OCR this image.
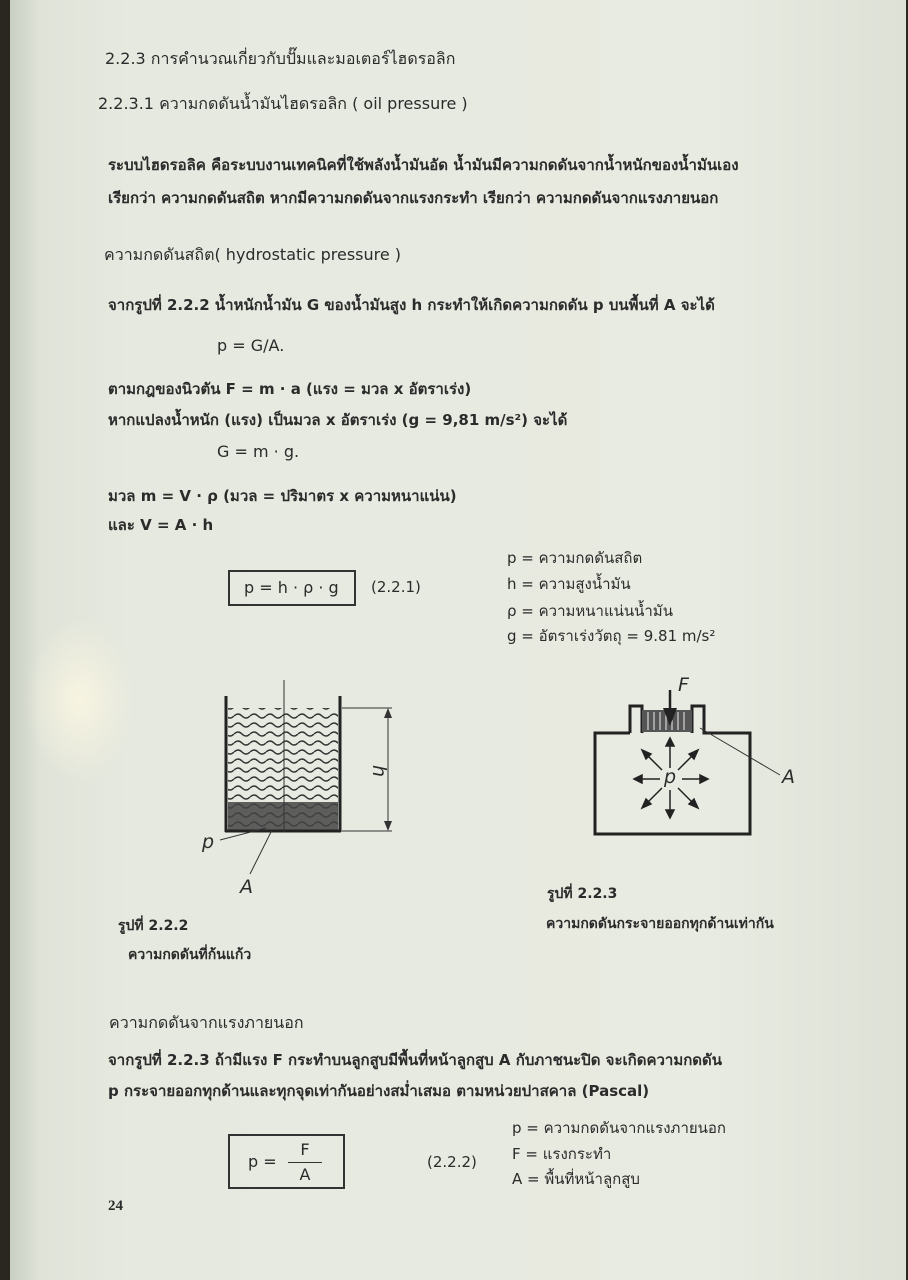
2.2.3 การคำนวณเกี่ยวกับปั๊มและมอเตอร์ไฮดรอลิก
2.2.3.1 ความกดดันน้ำมันไฮดรอลิก ( oil pressure )
ระบบไฮดรอลิค คือระบบงานเทคนิคที่ใช้พลังน้ำมันอัด น้ำมันมีความกดดันจากน้ำหนักของน้ำมันเอง
เรียกว่า ความกดดันสถิต หากมีความกดดันจากแรงกระทำ เรียกว่า ความกดดันจากแรงภายนอก
ความกดดันสถิต( hydrostatic pressure )
จากรูปที่ 2.2.2 น้ำหนักน้ำมัน G ของน้ำมันสูง h กระทำให้เกิดความกดดัน p บนพื้นที่ A จะได้
p = G/A.
ตามกฎของนิวตัน F = m · a (แรง = มวล x อัตราเร่ง)
หากแปลงน้ำหนัก (แรง) เป็นมวล x อัตราเร่ง (g = 9,81 m/s²) จะได้
G = m · g.
มวล m = V · ρ (มวล = ปริมาตร x ความหนาแน่น)
และ V = A · h
p = h · ρ · g (2.2.1)
p = ความกดดันสถิต
h = ความสูงน้ำมัน
ρ = ความหนาแน่นน้ำมัน
g = อัตราเร่งวัตถุ = 9.81 m/s²
h
p
A
รูปที่ 2.2.2
ความกดดันที่ก้นแก้ว
F
p	A
รูปที่ 2.2.3
ความกดดันกระจายออกทุกด้านเท่ากัน
ความกดดันจากแรงภายนอก
จากรูปที่ 2.2.3 ถ้ามีแรง F กระทำบนลูกสูบมีพื้นที่หน้าลูกสูบ A กับภาชนะปิด จะเกิดความกดดัน
p กระจายออกทุกด้านและทุกจุดเท่ากันอย่างสม่ำเสมอ ตามหน่วยปาสคาล (Pascal)
p =
F
A
(2.2.2)
p = ความกดดันจากแรงภายนอก
F = แรงกระทำ
A = พื้นที่หน้าลูกสูบ
24
